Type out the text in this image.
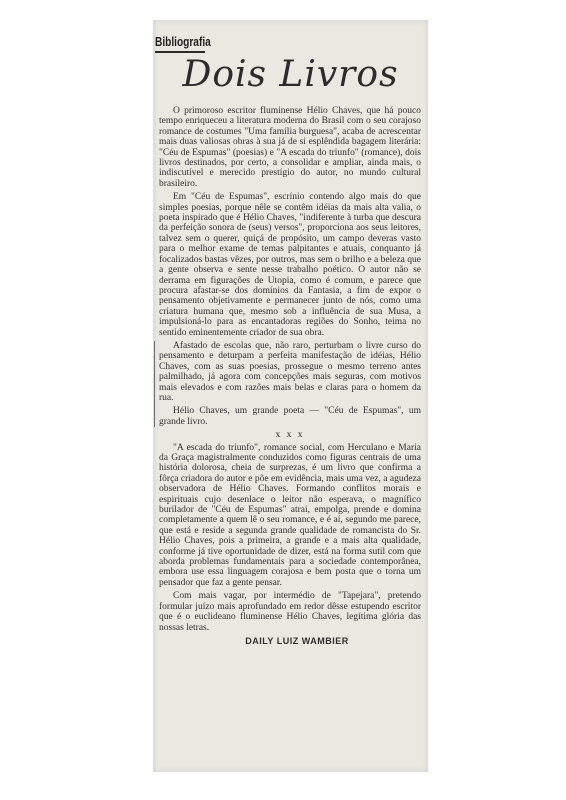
Bibliografia
Dois Livros

O primoroso escritor fluminense Hélio Chaves, que há pouco tempo enriqueceu a literatura moderna do Brasil com o seu corajoso romance de costumes "Uma família burguesa", acaba de acrescentar mais duas valiosas obras à sua já de si esplêndida bagagem literária: "Céu de Espumas" (poesias) e "A escada do triunfo" (romance), dois livros destinados, por certo, a consolidar e ampliar, ainda mais, o indiscutível e merecido prestígio do autor, no mundo cultural brasileiro.

Em "Céu de Espumas", escrínio contendo algo mais do que simples poesias, porque nêle se contêm idéias da mais alta valia, o poeta inspirado que é Hélio Chaves, "indiferente à turba que descura da perfeição sonora de (seus) versos", proporciona aos seus leitores, talvez sem o querer, quiçá de propósito, um campo deveras vasto para o melhor exame de temas palpitantes e atuais, conquanto já focalizados bastas vêzes, por outros, mas sem o brilho e a beleza que a gente observa e sente nesse trabalho poético. O autor não se derrama em figurações de Utopia, como é comum, e parece que procura afastar-se dos domínios da Fantasia, a fim de expor o pensamento objetivamente e permanecer junto de nós, como uma criatura humana que, mesmo sob a influência de sua Musa, a impulsioná-lo para as encantadoras regiões do Sonho, teima no sentido eminentemente criador de sua obra.

Afastado de escolas que, não raro, perturbam o livre curso do pensamento e deturpam a perfeita manifestação de idéias, Hélio Chaves, com as suas poesias, prossegue o mesmo terreno antes palmilhado, já agora com concepções mais seguras, com motivos mais elevados e com razões mais belas e claras para o homem da rua.

Hélio Chaves, um grande poeta — "Céu de Espumas", um grande livro.

x x x

"A escada do triunfo", romance social, com Herculano e Maria da Graça magistralmente conduzidos como figuras centrais de uma história dolorosa, cheia de surprezas, é um livro que confirma a fôrça criadora do autor e põe em evidência, mais uma vez, a agudeza observadora de Hélio Chaves. Formando conflitos morais e espirituais cujo desenlace o leitor não esperava, o magnífico burilador de "Céu de Espumas" atrai, empolga, prende e domina completamente a quem lê o seu romance, e é aí, segundo me parece, que está e reside a segunda grande qualidade de romancista do Sr. Hélio Chaves, pois a primeira, a grande e a mais alta qualidade, conforme já tive oportunidade de dizer, está na forma sutil com que aborda problemas fundamentais para a sociedade contemporânea, embora use essa linguagem corajosa e bem posta que o torna um pensador que faz a gente pensar.

Com mais vagar, por intermédio de "Tapejara", pretendo formular juízo mais aprofundado em redor dêsse estupendo escritor que é o euclideano fluminense Hélio Chaves, legítima glória das nossas letras.

DAILY LUIZ WAMBIER
